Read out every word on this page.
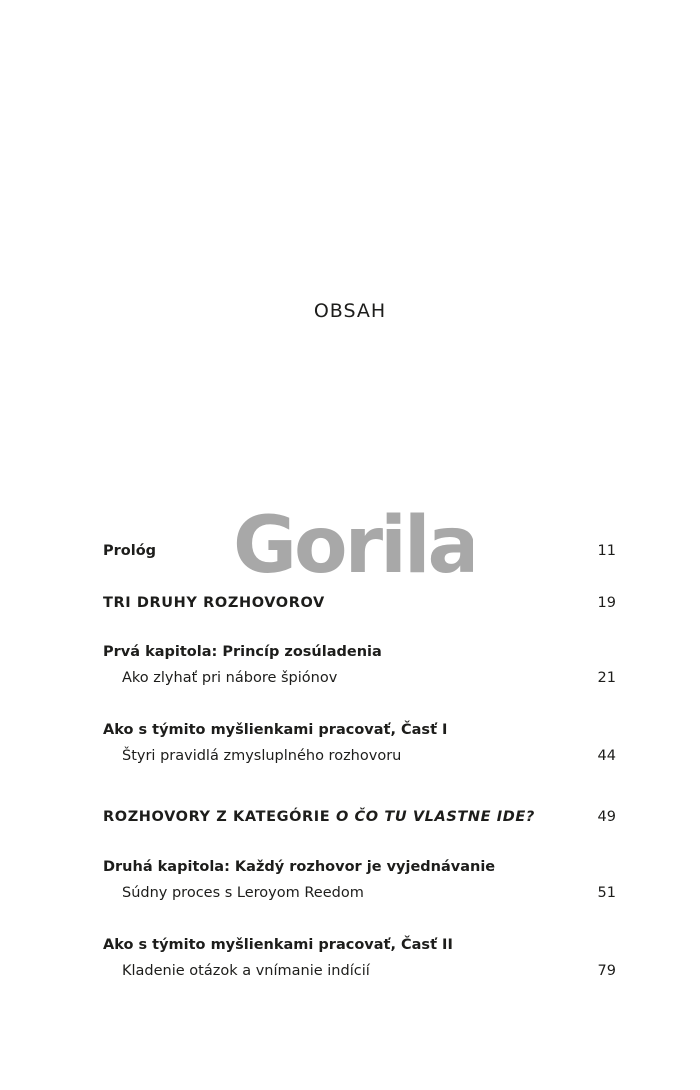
OBSAH
Gorila
Prológ	11
TRI DRUHY ROZHOVOROV	19
Prvá kapitola: Princíp zosúladenia
Ako zlyhať pri nábore špiónov	21
Ako s týmito myšlienkami pracovať, Časť I
Štyri pravidlá zmysluplného rozhovoru	44
ROZHOVORY Z KATEGÓRIE O ČO TU VLASTNE IDE?	49
Druhá kapitola: Každý rozhovor je vyjednávanie
Súdny proces s Leroyom Reedom	51
Ako s týmito myšlienkami pracovať, Časť II
Kladenie otázok a vnímanie indícií	79
